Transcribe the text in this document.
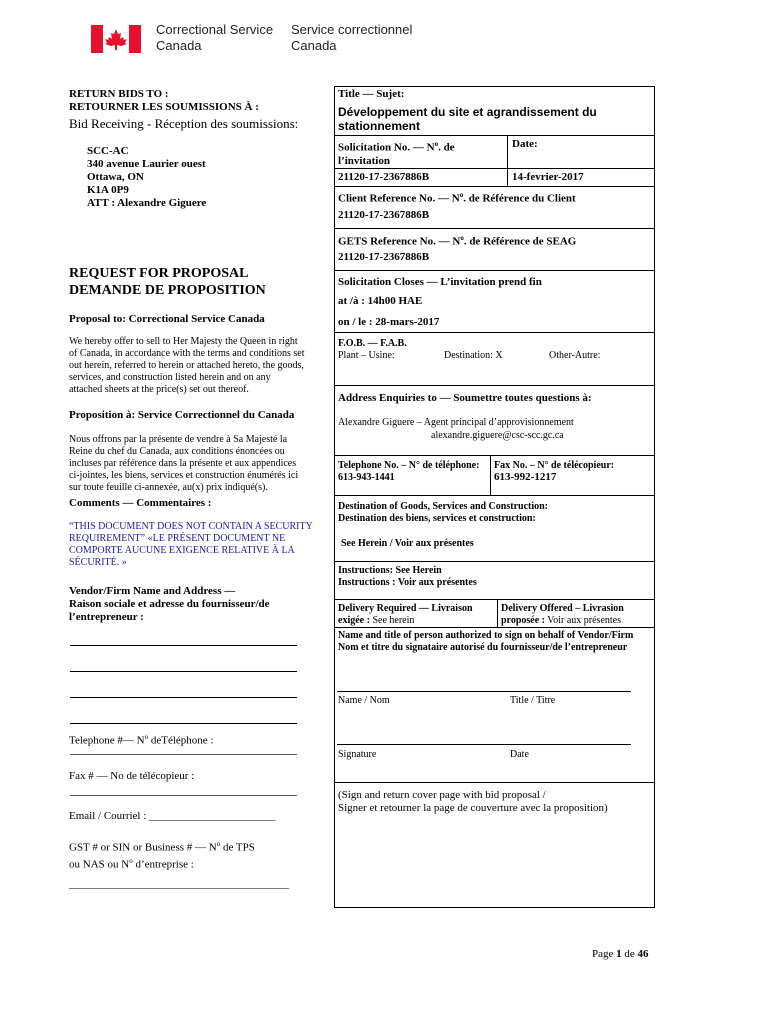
Correctional Service
Canada
Service correctionnel
Canada
RETURN BIDS TO :
RETOURNER LES SOUMISSIONS À :
Bid Receiving - Réception des soumissions:
SCC-AC
340 avenue Laurier ouest
Ottawa, ON
K1A 0P9
ATT : Alexandre Giguere
REQUEST FOR PROPOSAL
DEMANDE DE PROPOSITION
Proposal to: Correctional Service Canada
We hereby offer to sell to Her Majesty the Queen in right
of Canada, in accordance with the terms and conditions set
out herein, referred to herein or attached hereto, the goods,
services, and construction listed herein and on any
attached sheets at the price(s) set out thereof.
Proposition à: Service Correctionnel du Canada
Nous offrons par la présente de vendre à Sa Majesté la
Reine du chef du Canada, aux conditions énoncées ou
incluses par référence dans la présente et aux appendices
ci-jointes, les biens, services et construction énumérés ici
sur toute feuille ci-annexée, au(x) prix indiqué(s).
Comments — Commentaires :
“THIS DOCUMENT DOES NOT CONTAIN A SECURITY
REQUIREMENT” «LE PRÉSENT DOCUMENT NE
COMPORTE AUCUNE EXIGENCE RELATIVE À LA
SÉCURITÉ. »
Vendor/Firm Name and Address —
Raison sociale et adresse du fournisseur/de
l’entrepreneur :
Telephone #— $N^o$ deTéléphone :
Fax # — No de télécopieur :
Email / Courriel : _______________________
GST # or SIN or Business # — $N^o$ de TPS
ou NAS ou $N^o$ d’entreprise :
________________________________________
Title — Sujet:
Développement du site et agrandissement du
stationnement
Solicitation No. — $N^o$. de
l’invitation
Date:
21120-17-2367886B	14-fevrier-2017
Client Reference No. — $N^o$. de Référence du Client
21120-17-2367886B
GETS Reference No. — $N^o$. de Référence de SEAG
21120-17-2367886B
Solicitation Closes — L’invitation prend fin
at /à : 14h00 HAE
on / le : 28-mars-2017
F.O.B. — F.A.B.
Plant – Usine:	Destination: X	Other-Autre:
Address Enquiries to — Soumettre toutes questions à:
Alexandre Giguere – Agent principal d’approvisionnement
alexandre.giguere@csc-scc.gc.ca
Telephone No. – N° de téléphone:
613-943-1441
Fax No. – N° de télécopieur:
613-992-1217
Destination of Goods, Services and Construction:
Destination des biens, services et construction:
See Herein / Voir aux présentes
Instructions: See Herein
Instructions : Voir aux présentes
Delivery Required — Livraison
exigée : See herein
Delivery Offered – Livrasion
proposée : Voir aux présentes
Name and title of person authorized to sign on behalf of Vendor/Firm
Nom et titre du signataire autorisé du fournisseur/de l’entrepreneur
Name / Nom	Title / Titre
Signature	Date
(Sign and return cover page with bid proposal /
Signer et retourner la page de couverture avec la proposition)
Page 1 de 46
